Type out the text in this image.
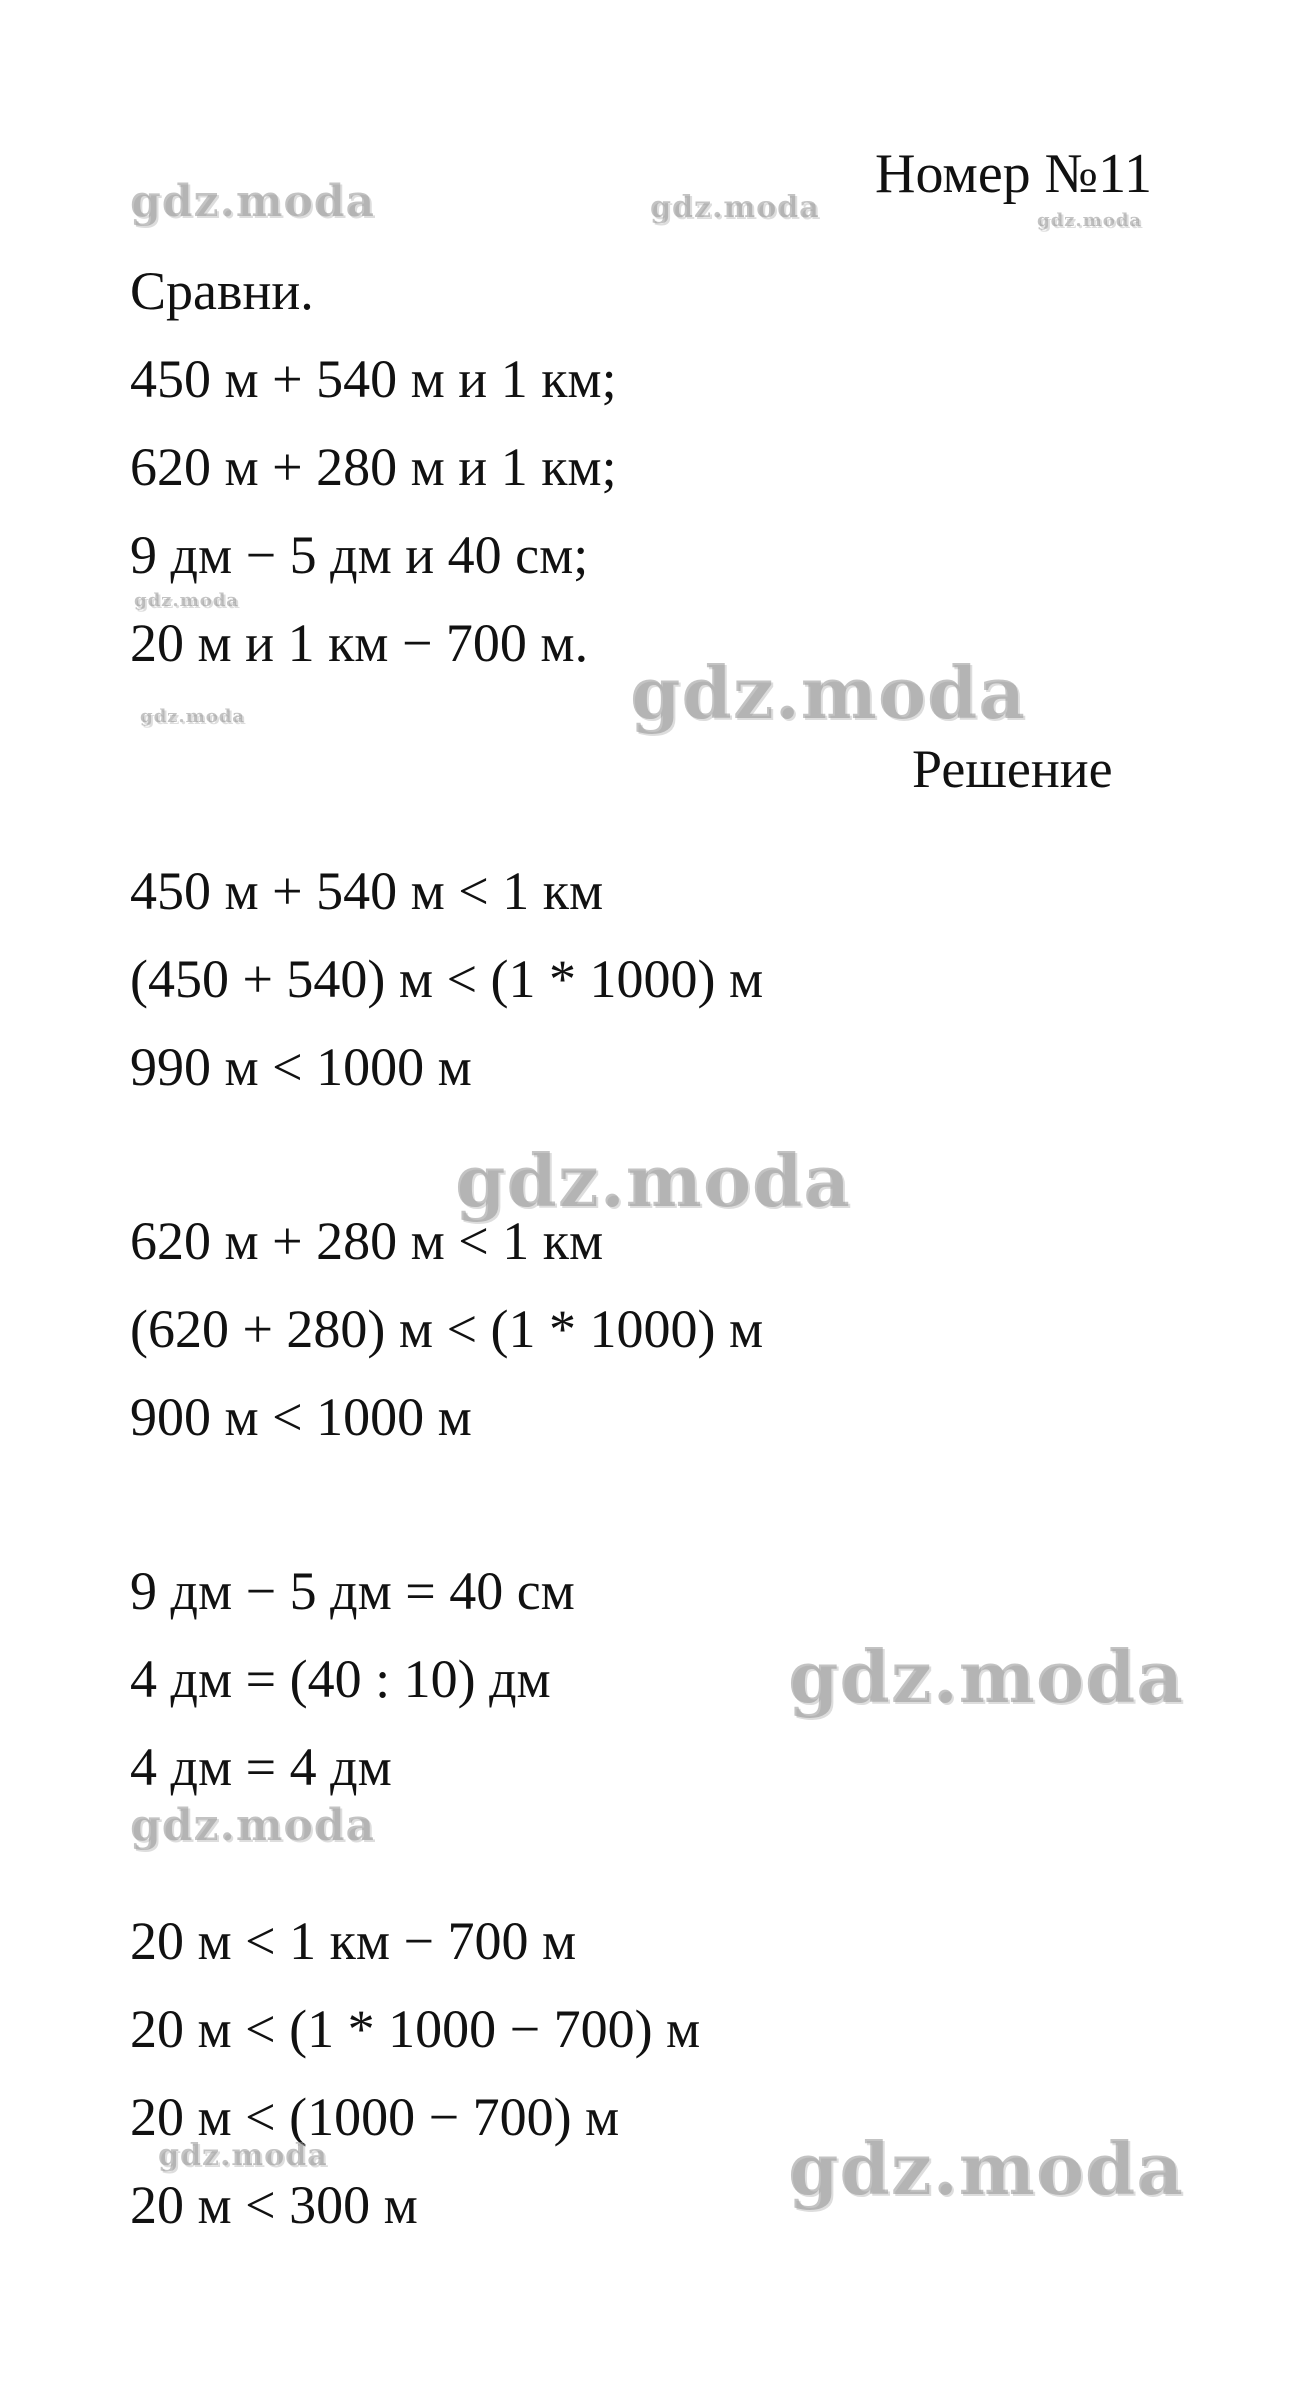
Номер №11
Сравни.
450 м + 540 м и 1 км;
620 м + 280 м и 1 км;
9 дм − 5 дм и 40 см;
20 м и 1 км − 700 м.
Решение
450 м + 540 м < 1 км
(450 + 540) м < (1 * 1000) м
990 м < 1000 м
620 м + 280 м < 1 км
(620 + 280) м < (1 * 1000) м
900 м < 1000 м
9 дм − 5 дм = 40 см
4 дм = (40 : 10) дм
4 дм = 4 дм
20 м < 1 км − 700 м
20 м < (1 * 1000 − 700) м
20 м < (1000 − 700) м
20 м < 300 м
gdz.moda	gdz.moda	gdz.moda
gdz.moda
gdz.moda
gdz.moda
gdz.moda
gdz.moda
gdz.moda
gdz.moda	gdz.moda
